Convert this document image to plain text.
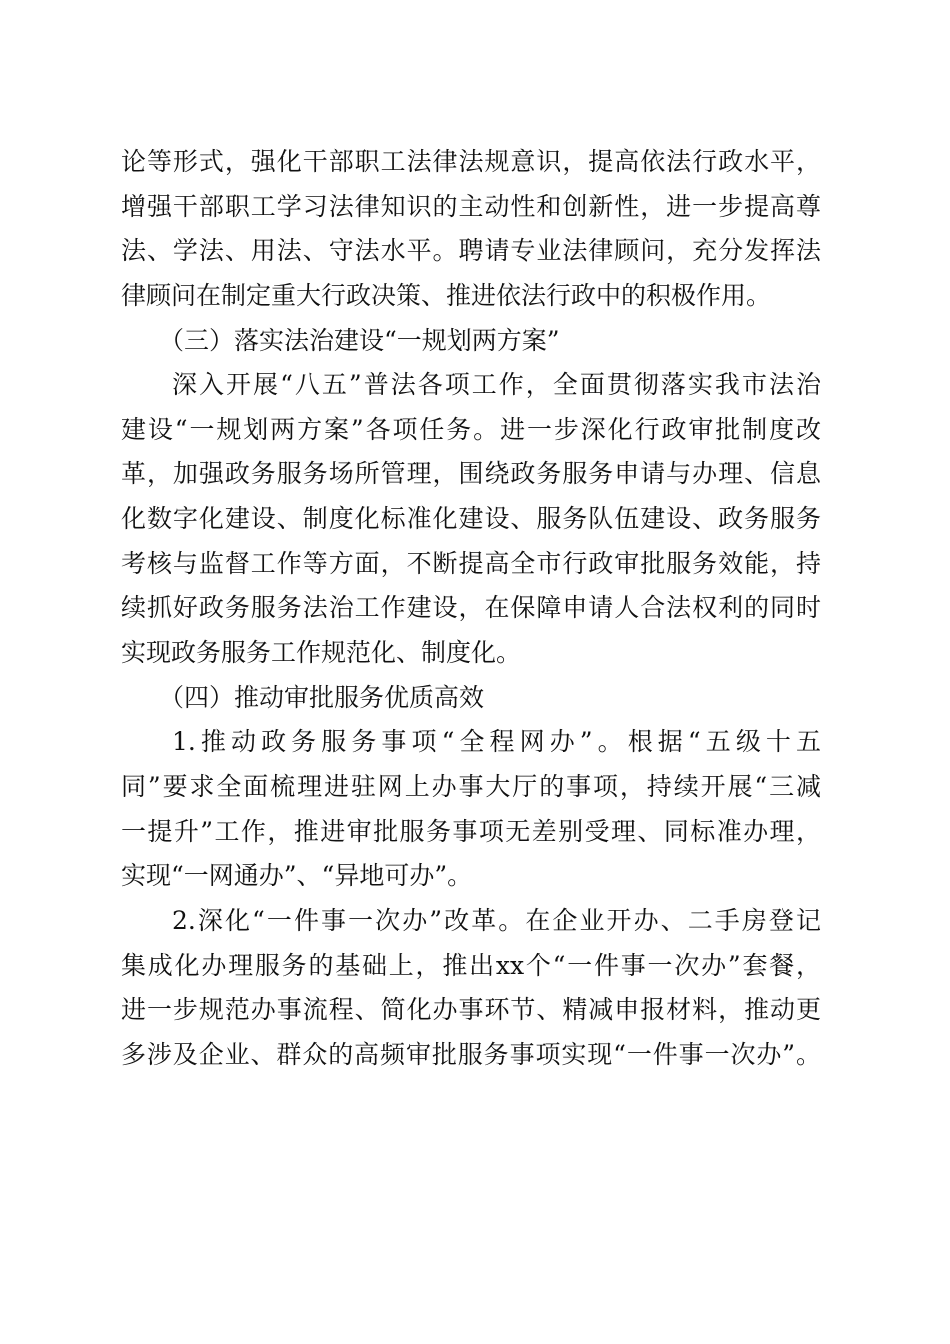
论等形式，强化干部职工法律法规意识，提高依法行政水平，
增强干部职工学习法律知识的主动性和创新性，进一步提高尊
法、学法、用法、守法水平。聘请专业法律顾问，充分发挥法
律顾问在制定重大行政决策、推进依法行政中的积极作用。
（三）落实法治建设“一规划两方案”
深入开展“八五”普法各项工作，全面贯彻落实我市法治
建设“一规划两方案”各项任务。进一步深化行政审批制度改
革，加强政务服务场所管理，围绕政务服务申请与办理、信息
化数字化建设、制度化标准化建设、服务队伍建设、政务服务
考核与监督工作等方面，不断提高全市行政审批服务效能，持
续抓好政务服务法治工作建设，在保障申请人合法权利的同时
实现政务服务工作规范化、制度化。
（四）推动审批服务优质高效
1.推动政务服务事项“全程网办”。根据“五级十五
同”要求全面梳理进驻网上办事大厅的事项，持续开展“三减
一提升”工作，推进审批服务事项无差别受理、同标准办理，
实现“一网通办”、“异地可办”。
2.深化“一件事一次办”改革。在企业开办、二手房登记
集成化办理服务的基础上，推出xx个“一件事一次办”套餐，
进一步规范办事流程、简化办事环节、精减申报材料，推动更
多涉及企业、群众的高频审批服务事项实现“一件事一次办”。
